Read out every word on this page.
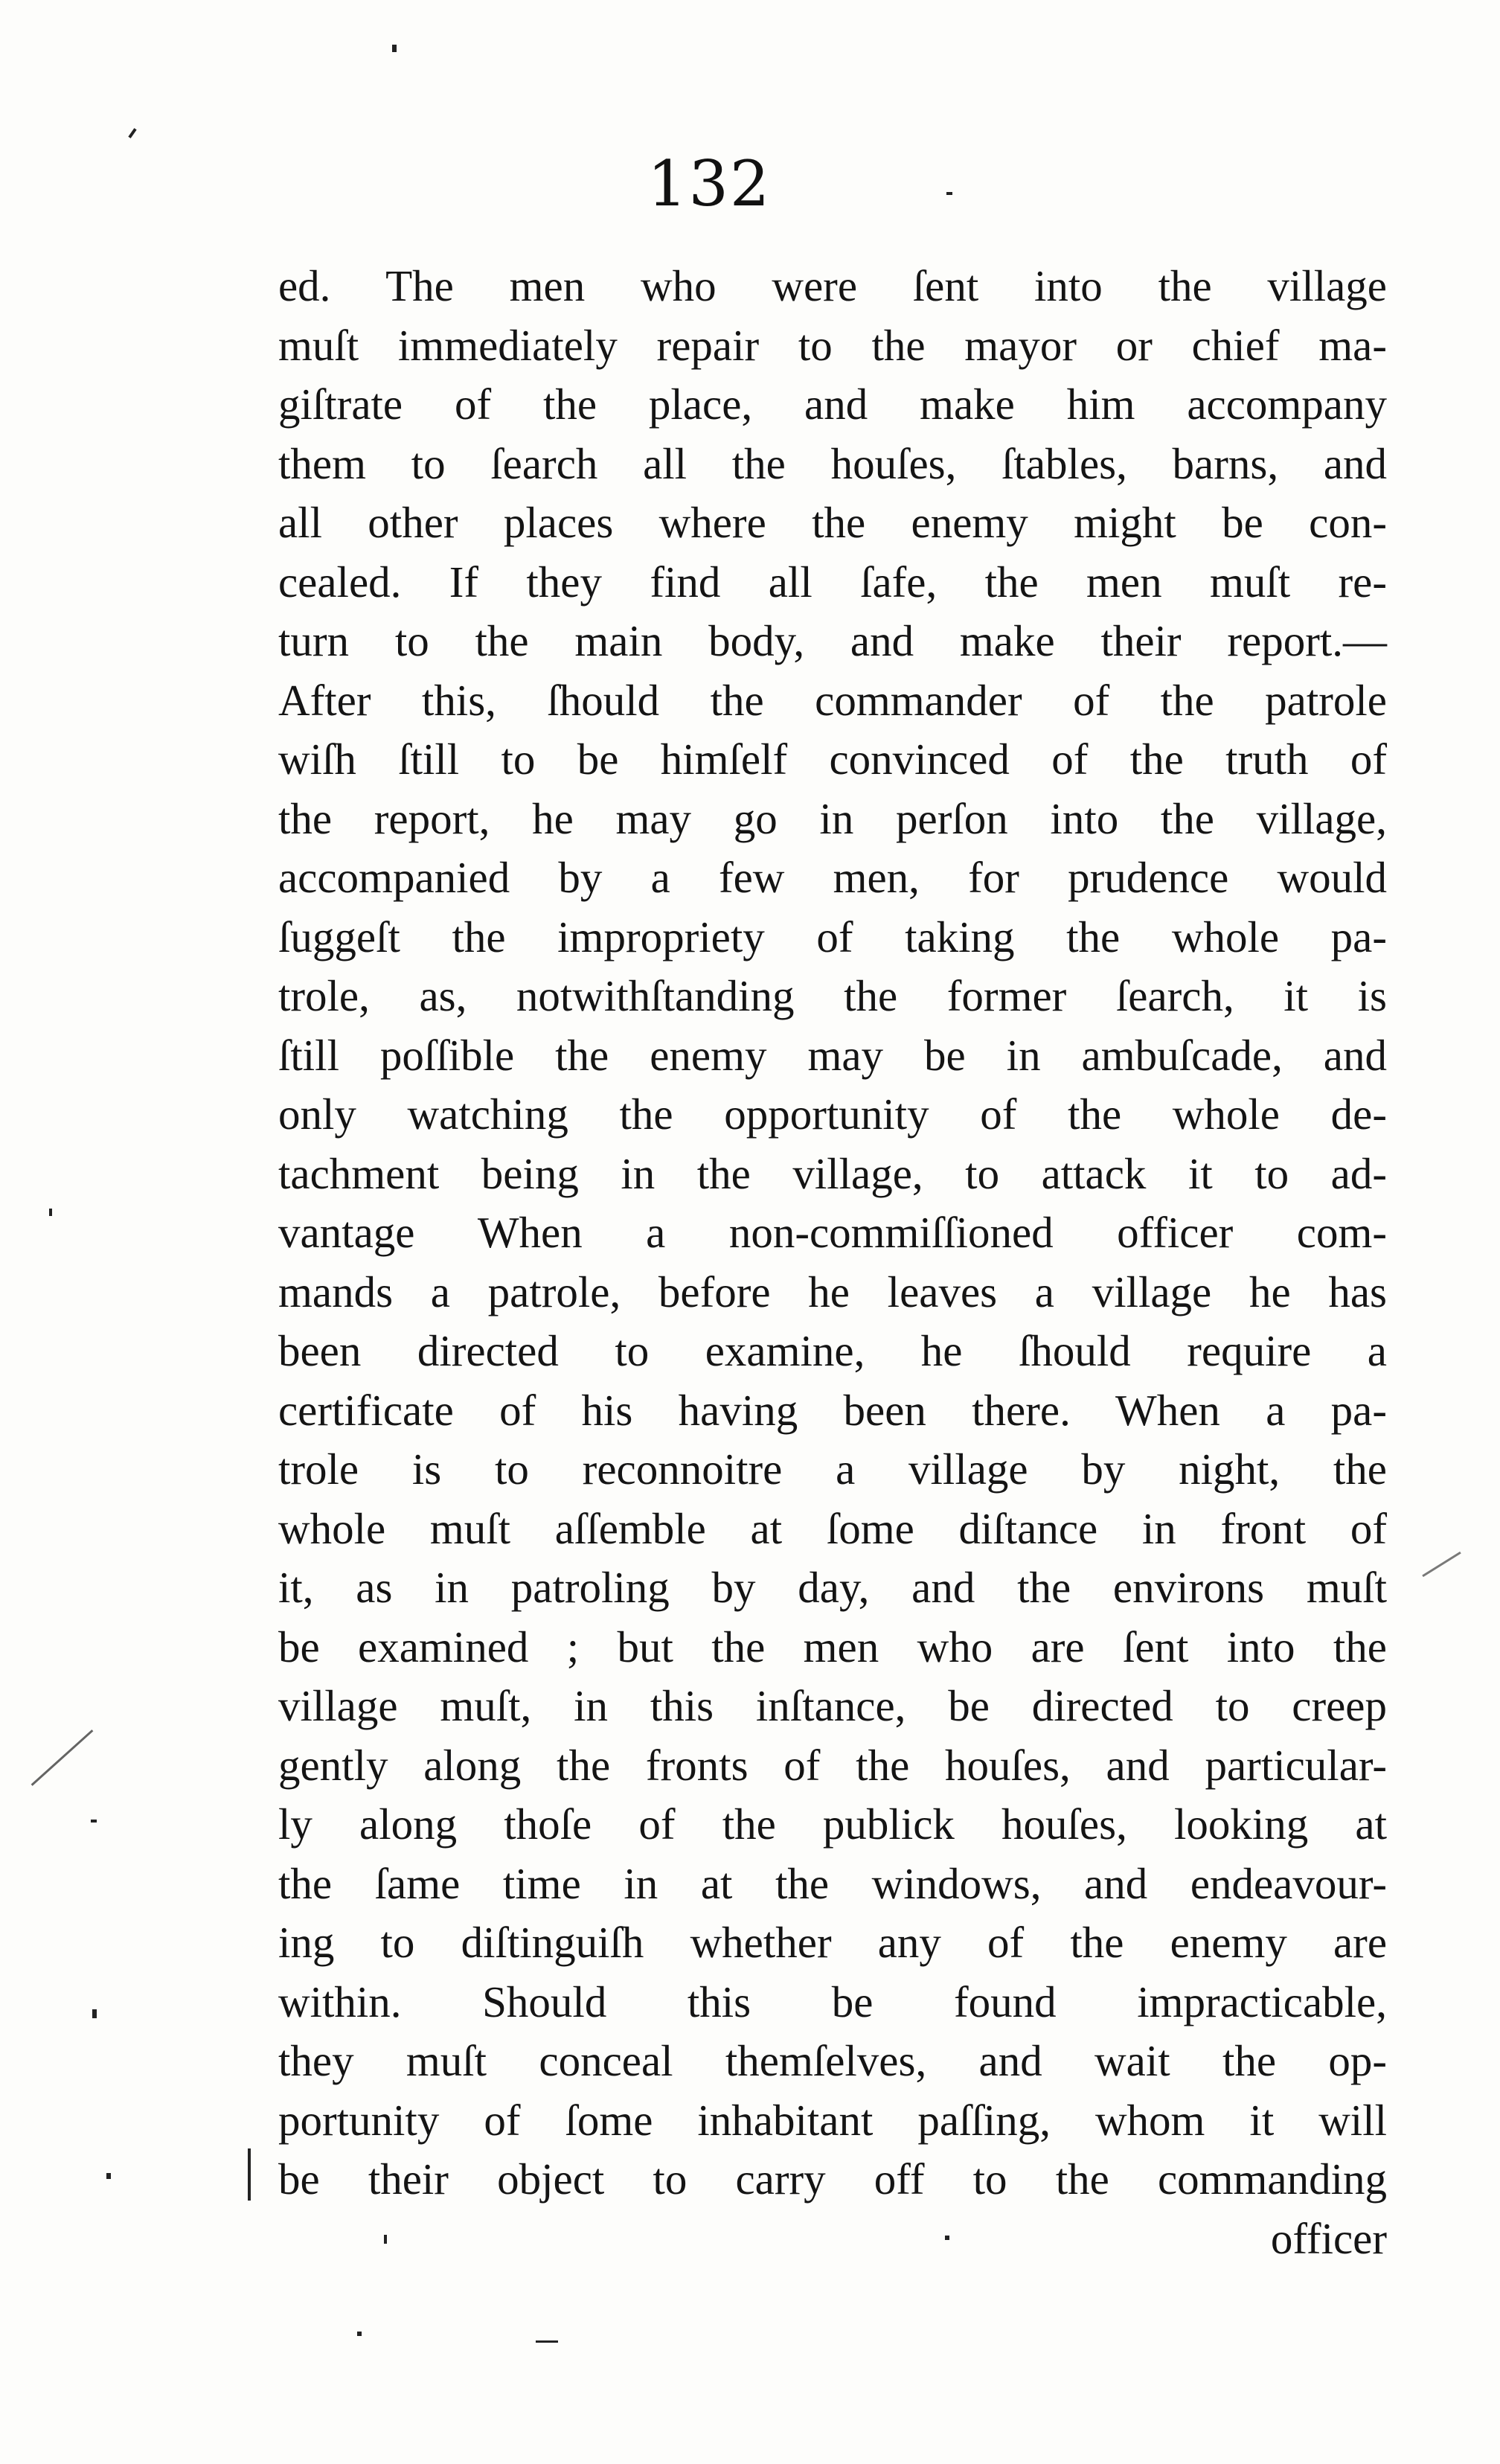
132
ed. The men who were ſent into the village
muſt immediately repair to the mayor or chief ma-
giſtrate of the place, and make him accompany
them to ſearch all the houſes, ſtables, barns, and
all other places where the enemy might be con-
cealed. If they find all ſafe, the men muſt re-
turn to the main body, and make their report.—
After this, ſhould the commander of the patrole
wiſh ſtill to be himſelf convinced of the truth of
the report, he may go in perſon into the village,
accompanied by a few men, for prudence would
ſuggeſt the impropriety of taking the whole pa-
trole, as, notwithſtanding the former ſearch, it is
ſtill poſſible the enemy may be in ambuſcade, and
only watching the opportunity of the whole de-
tachment being in the village, to attack it to ad-
vantage When a non-commiſſioned officer com-
mands a patrole, before he leaves a village he has
been directed to examine, he ſhould require a
certificate of his having been there. When a pa-
trole is to reconnoitre a village by night, the
whole muſt aſſemble at ſome diſtance in front of
it, as in patroling by day, and the environs muſt
be examined ; but the men who are ſent into the
village muſt, in this inſtance, be directed to creep
gently along the fronts of the houſes, and particular-
ly along thoſe of the publick houſes, looking at
the ſame time in at the windows, and endeavour-
ing to diſtinguiſh whether any of the enemy are
within. Should this be found impracticable,
they muſt conceal themſelves, and wait the op-
portunity of ſome inhabitant paſſing, whom it will
be their object to carry off to the commanding
officer
